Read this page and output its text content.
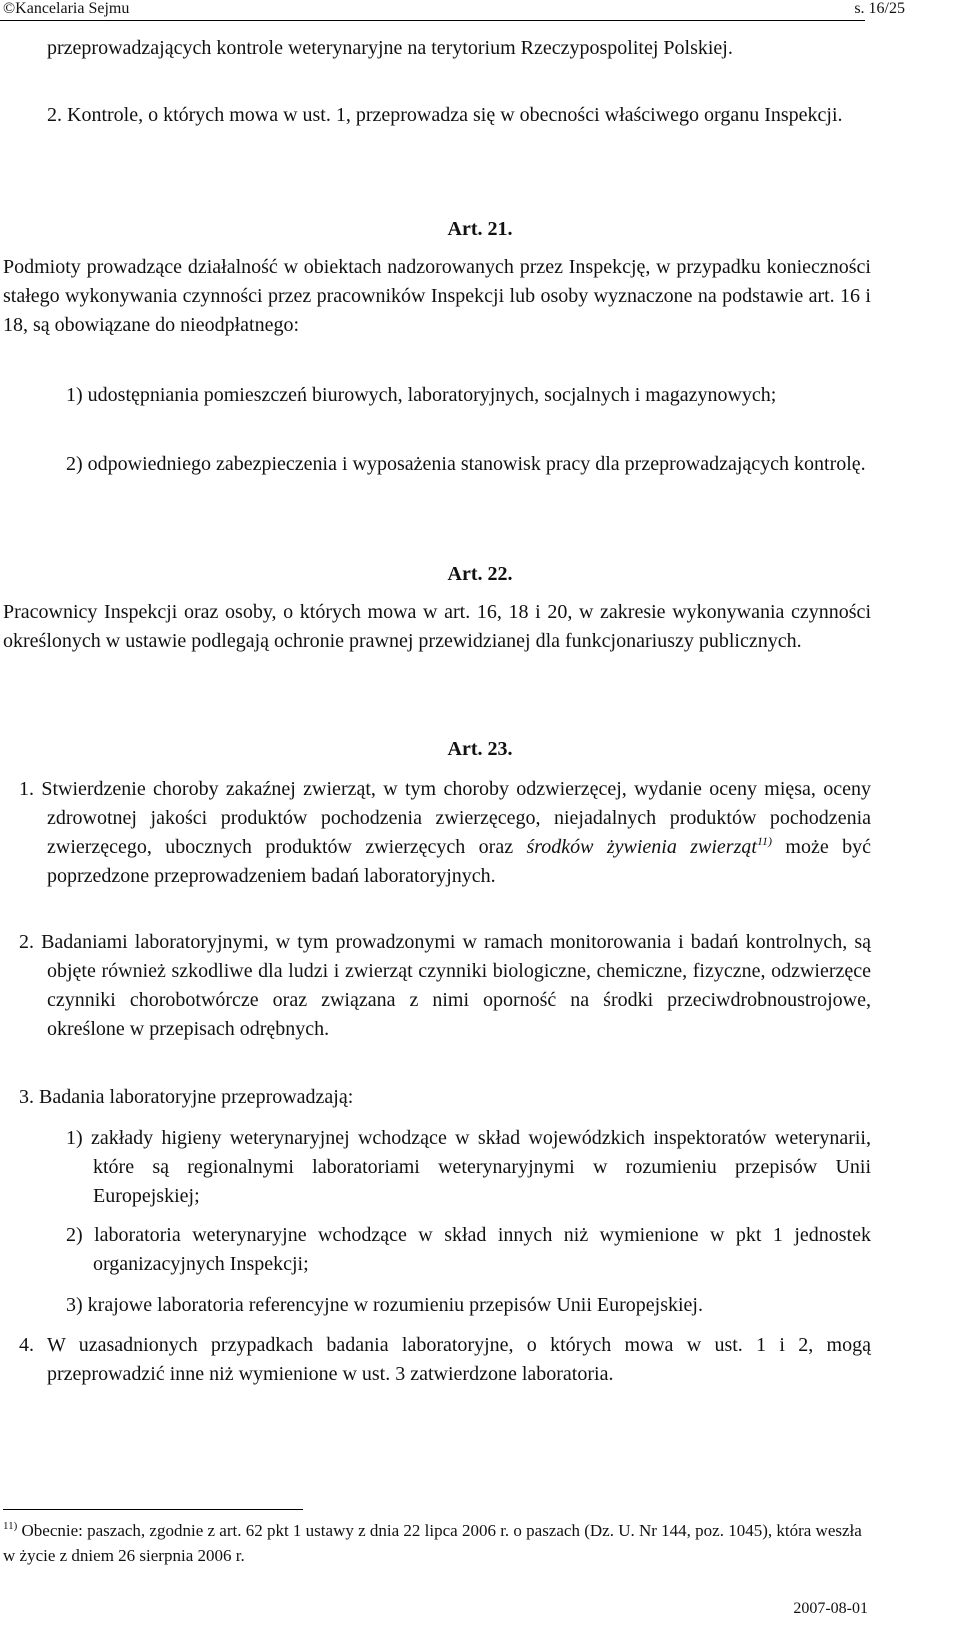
©Kancelaria Sejmu	s. 16/25

przeprowadzających kontrole weterynaryjne na terytorium Rzeczypospolitej Polskiej.

2. Kontrole, o których mowa w ust. 1, przeprowadza się w obecności właściwego organu Inspekcji.

Art. 21.

Podmioty prowadzące działalność w obiektach nadzorowanych przez Inspekcję, w przypadku konieczności stałego wykonywania czynności przez pracowników Inspekcji lub osoby wyznaczone na podstawie art. 16 i 18, są obowiązane do nieodpłatnego:

1) udostępniania pomieszczeń biurowych, laboratoryjnych, socjalnych i magazynowych;

2) odpowiedniego zabezpieczenia i wyposażenia stanowisk pracy dla przeprowadzających kontrolę.

Art. 22.

Pracownicy Inspekcji oraz osoby, o których mowa w art. 16, 18 i 20, w zakresie wykonywania czynności określonych w ustawie podlegają ochronie prawnej przewidzianej dla funkcjonariuszy publicznych.

Art. 23.

1. Stwierdzenie choroby zakaźnej zwierząt, w tym choroby odzwierzęcej, wydanie oceny mięsa, oceny zdrowotnej jakości produktów pochodzenia zwierzęcego, niejadalnych produktów pochodzenia zwierzęcego, ubocznych produktów zwierzęcych oraz środków żywienia zwierząt$^{11)}$ może być poprzedzone przeprowadzeniem badań laboratoryjnych.

2. Badaniami laboratoryjnymi, w tym prowadzonymi w ramach monitorowania i badań kontrolnych, są objęte również szkodliwe dla ludzi i zwierząt czynniki biologiczne, chemiczne, fizyczne, odzwierzęce czynniki chorobotwórcze oraz związana z nimi oporność na środki przeciwdrobnoustrojowe, określone w przepisach odrębnych.

3. Badania laboratoryjne przeprowadzają:

1) zakłady higieny weterynaryjnej wchodzące w skład wojewódzkich inspektoratów weterynarii, które są regionalnymi laboratoriami weterynaryjnymi w rozumieniu przepisów Unii Europejskiej;

2) laboratoria weterynaryjne wchodzące w skład innych niż wymienione w pkt 1 jednostek organizacyjnych Inspekcji;

3) krajowe laboratoria referencyjne w rozumieniu przepisów Unii Europejskiej.

4. W uzasadnionych przypadkach badania laboratoryjne, o których mowa w ust. 1 i 2, mogą przeprowadzić inne niż wymienione w ust. 3 zatwierdzone laboratoria.

$^{11)}$ Obecnie: paszach, zgodnie z art. 62 pkt 1 ustawy z dnia 22 lipca 2006 r. o paszach (Dz. U. Nr 144, poz. 1045), która weszła w życie z dniem 26 sierpnia 2006 r.
2007-08-01
